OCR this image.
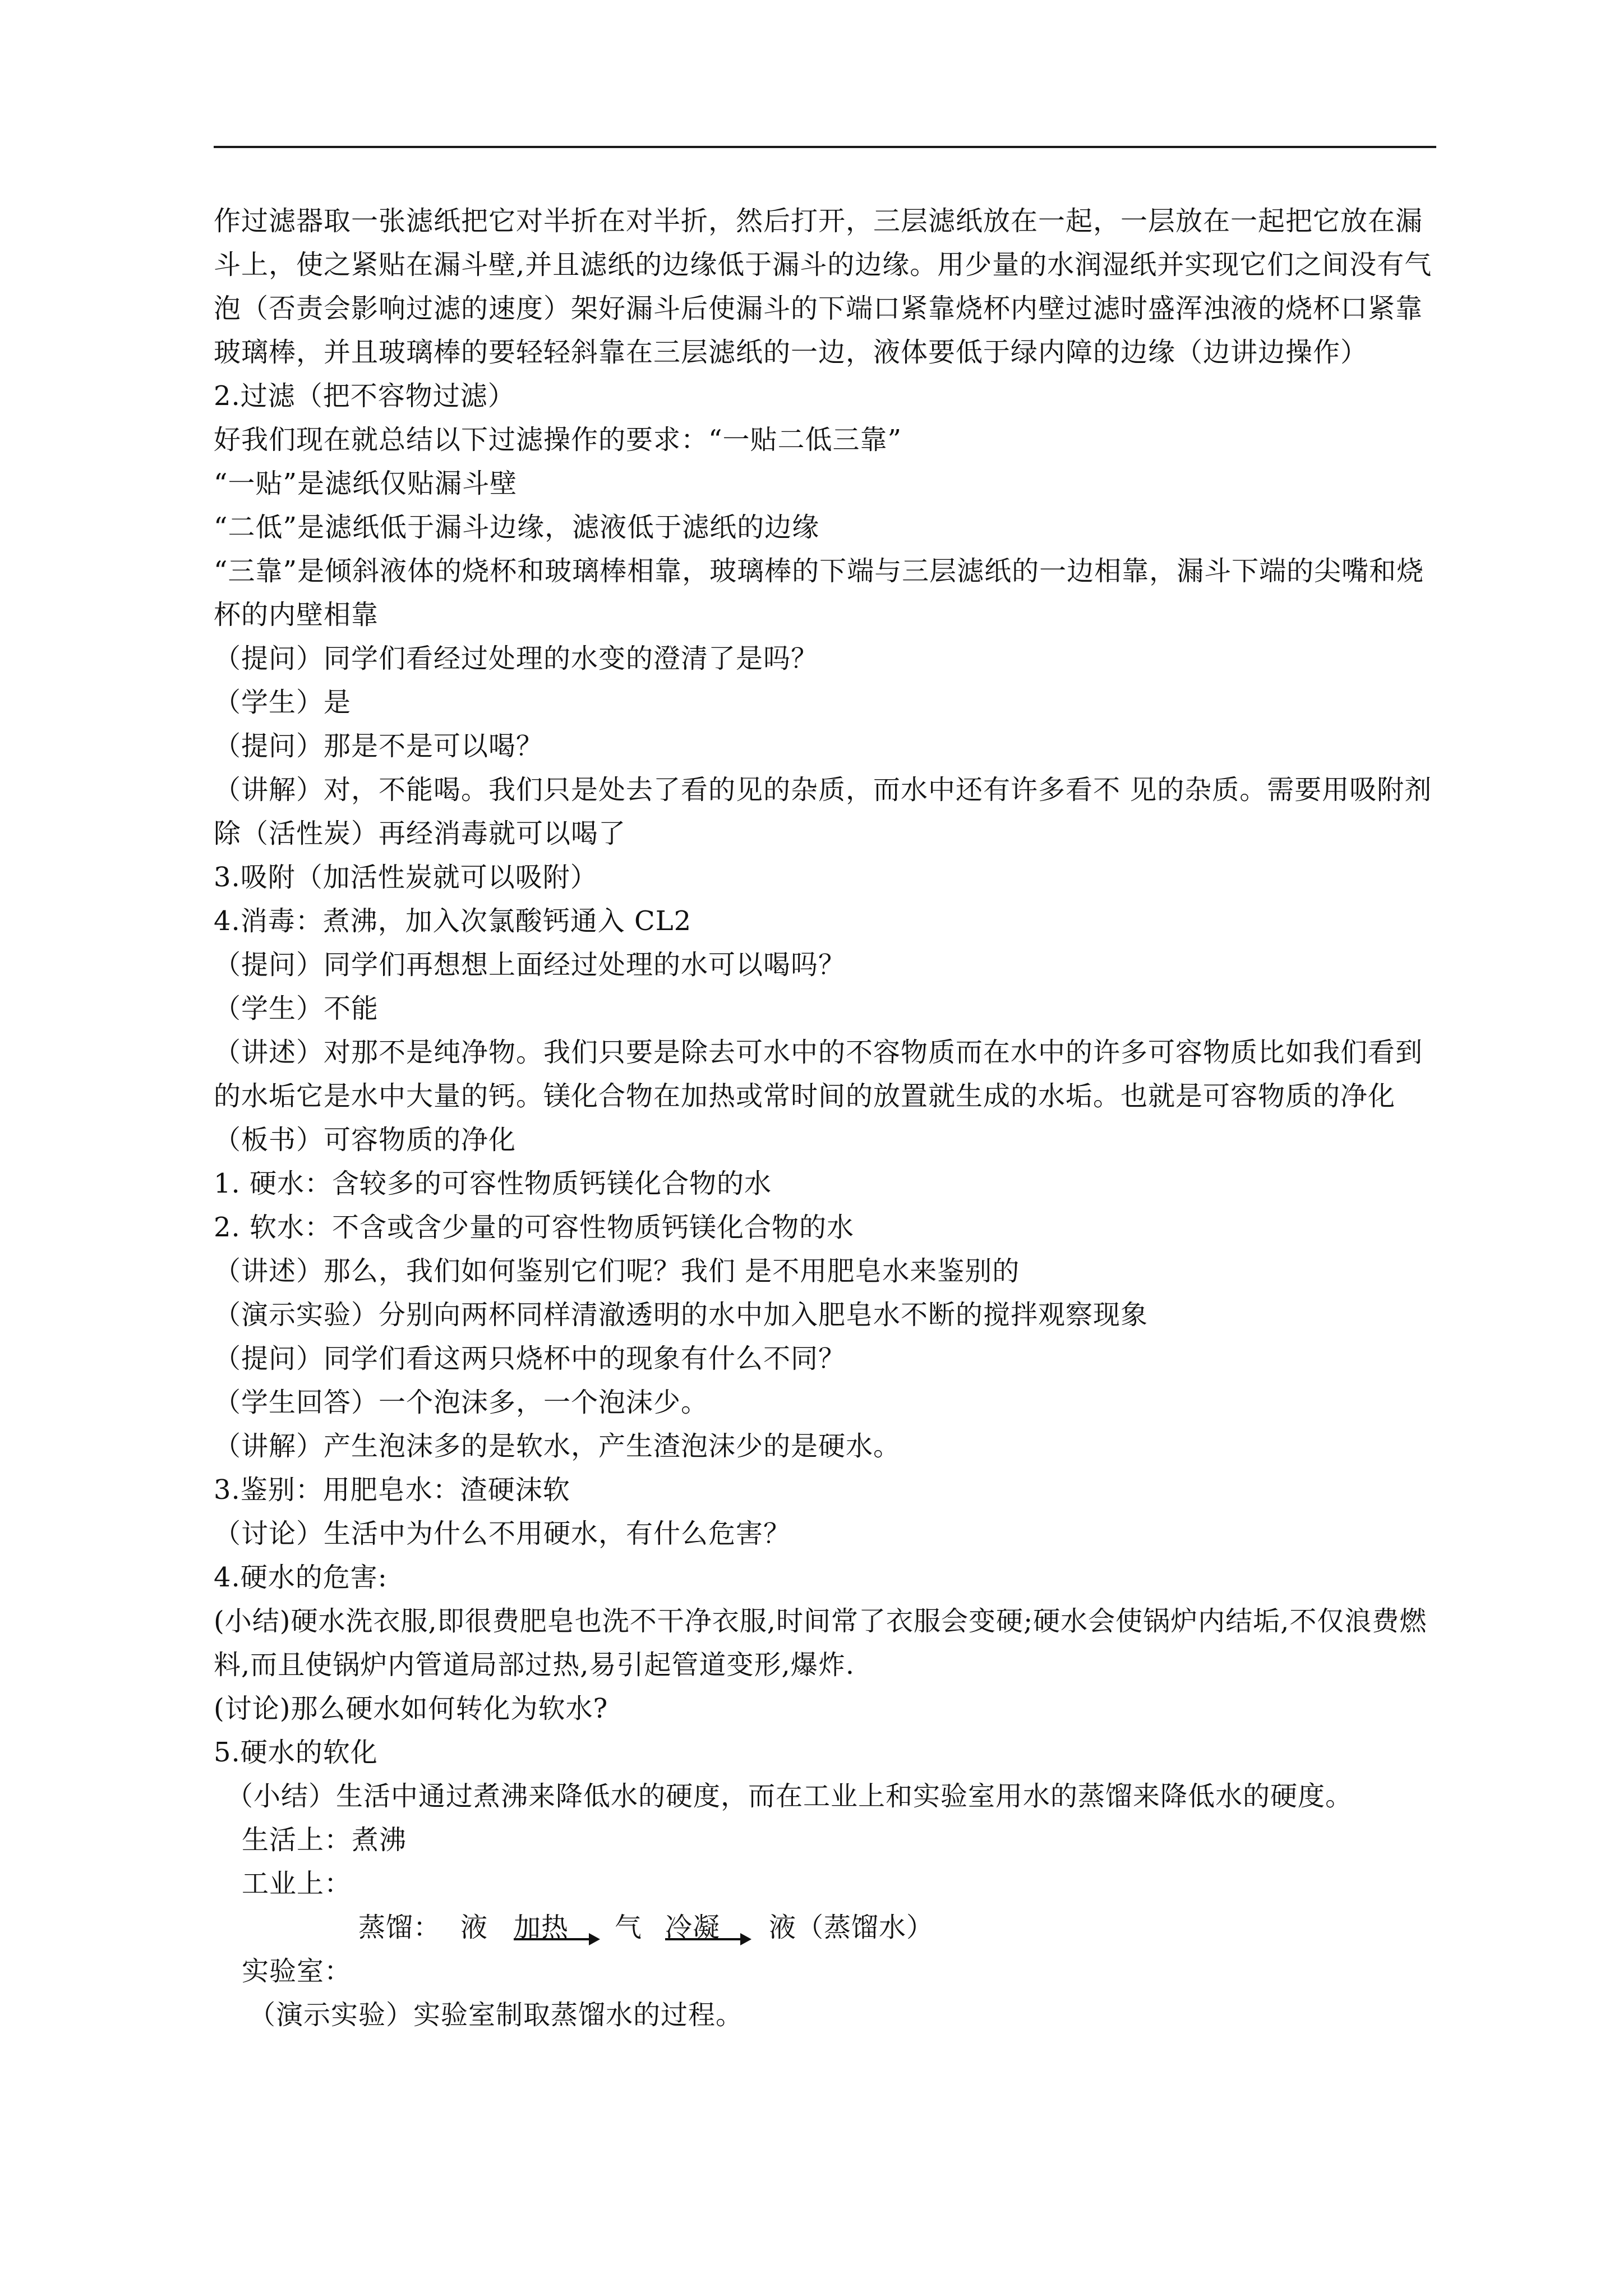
作过滤器取一张滤纸把它对半折在对半折，然后打开，三层滤纸放在一起，一层放在一起把它放在漏斗上，使之紧贴在漏斗壁,并且滤纸的边缘低于漏斗的边缘。用少量的水润湿纸并实现它们之间没有气泡（否责会影响过滤的速度）架好漏斗后使漏斗的下端口紧靠烧杯内壁过滤时盛浑浊液的烧杯口紧靠玻璃棒，并且玻璃棒的要轻轻斜靠在三层滤纸的一边，液体要低于绿内障的边缘（边讲边操作）

2.过滤（把不容物过滤）

好我们现在就总结以下过滤操作的要求：“一贴二低三靠”

“一贴”是滤纸仅贴漏斗壁

“二低”是滤纸低于漏斗边缘，滤液低于滤纸的边缘

“三靠”是倾斜液体的烧杯和玻璃棒相靠，玻璃棒的下端与三层滤纸的一边相靠，漏斗下端的尖嘴和烧杯的内壁相靠

（提问）同学们看经过处理的水变的澄清了是吗？

（学生）是

（提问）那是不是可以喝？

（讲解）对，不能喝。我们只是处去了看的见的杂质，而水中还有许多看不 见的杂质。需要用吸附剂除（活性炭）再经消毒就可以喝了

3.吸附（加活性炭就可以吸附）

4.消毒：煮沸，加入次氯酸钙通入 CL2

（提问）同学们再想想上面经过处理的水可以喝吗？

（学生）不能

（讲述）对那不是纯净物。我们只要是除去可水中的不容物质而在水中的许多可容物质比如我们看到的水垢它是水中大量的钙。镁化合物在加热或常时间的放置就生成的水垢。也就是可容物质的净化

（板书）可容物质的净化

1. 硬水：含较多的可容性物质钙镁化合物的水

2. 软水：不含或含少量的可容性物质钙镁化合物的水

（讲述）那么，我们如何鉴别它们呢？我们 是不用肥皂水来鉴别的

（演示实验）分别向两杯同样清澈透明的水中加入肥皂水不断的搅拌观察现象

（提问）同学们看这两只烧杯中的现象有什么不同？

（学生回答）一个泡沫多，一个泡沫少。

（讲解）产生泡沫多的是软水，产生渣泡沫少的是硬水。

3.鉴别：用肥皂水：渣硬沫软

（讨论）生活中为什么不用硬水，有什么危害？

4.硬水的危害:

(小结)硬水洗衣服,即很费肥皂也洗不干净衣服,时间常了衣服会变硬;硬水会使锅炉内结垢,不仅浪费燃料,而且使锅炉内管道局部过热,易引起管道变形,爆炸.

(讨论)那么硬水如何转化为软水?

5.硬水的软化

（小结）生活中通过煮沸来降低水的硬度，而在工业上和实验室用水的蒸馏来降低水的硬度。

生活上：煮沸

工业上：

蒸馏： 液 加热 气 冷凝 液（蒸馏水）

实验室：

（演示实验）实验室制取蒸馏水的过程。
